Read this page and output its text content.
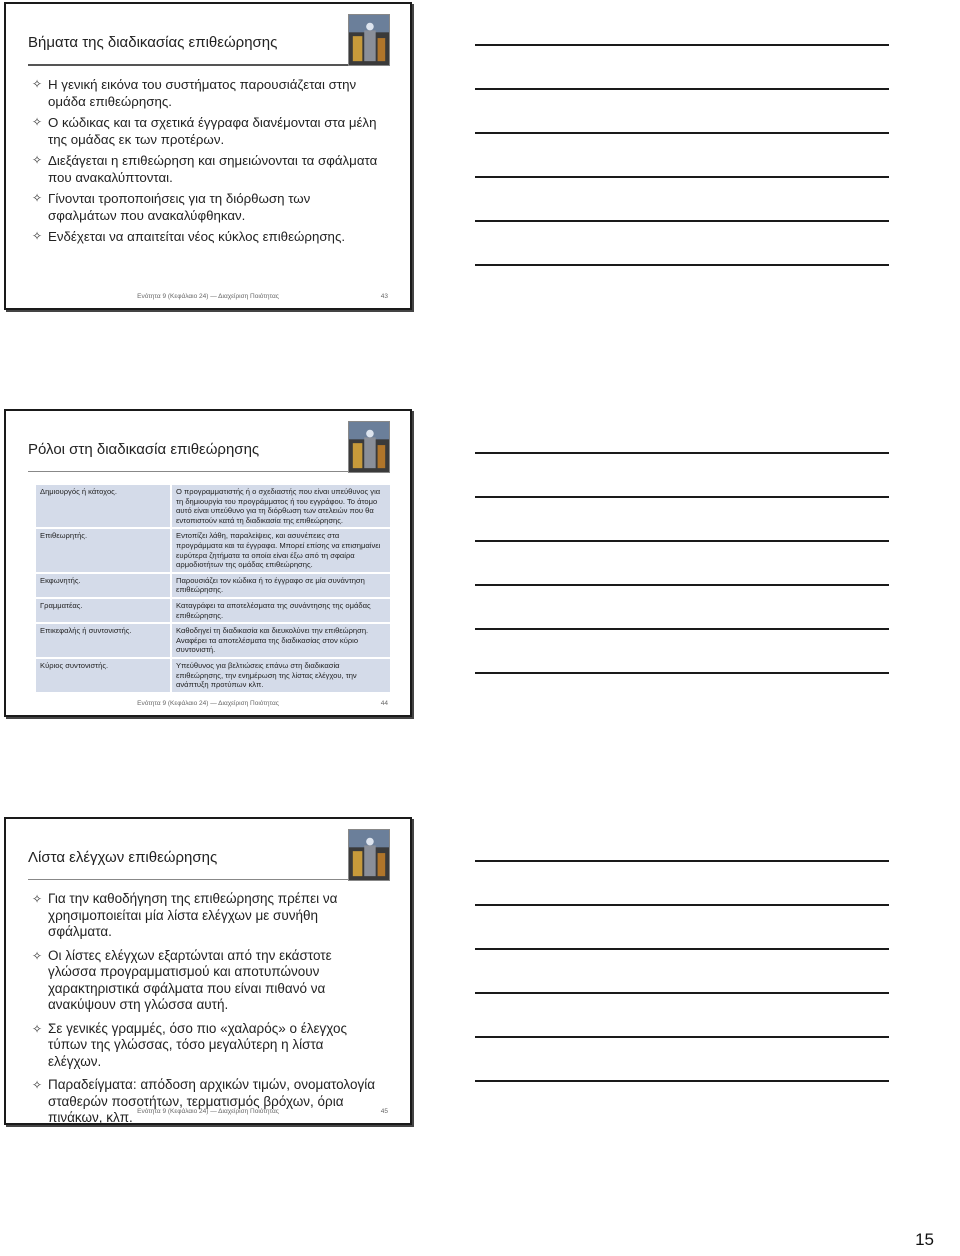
Βήματα της διαδικασίας επιθεώρησης
✧ Η γενική εικόνα του συστήματος παρουσιάζεται στην ομάδα επιθεώρησης.
✧ Ο κώδικας και τα σχετικά έγγραφα διανέμονται στα μέλη της ομάδας εκ των προτέρων.
✧ Διεξάγεται η επιθεώρηση και σημειώνονται τα σφάλματα που ανακαλύπτονται.
✧ Γίνονται τροποποιήσεις για τη διόρθωση των σφαλμάτων που ανακαλύφθηκαν.
✧ Ενδέχεται να απαιτείται νέος κύκλος επιθεώρησης.
Ενότητα 9 (Κεφάλαιο 24) — Διαχείριση Ποιότητας	43
Ρόλοι στη διαδικασία επιθεώρησης
Δημιουργός ή κάτοχος.	Ο προγραμματιστής ή ο σχεδιαστής που είναι υπεύθυνος για τη δημιουργία του προγράμματος ή του εγγράφου. Το άτομο αυτό είναι υπεύθυνο για τη διόρθωση των ατελειών που θα εντοπιστούν κατά τη διαδικασία της επιθεώρησης.
Επιθεωρητής.	Εντοπίζει λάθη, παραλείψεις, και ασυνέπειες στα προγράμματα και τα έγγραφα. Μπορεί επίσης να επισημαίνει ευρύτερα ζητήματα τα οποία είναι έξω από τη σφαίρα αρμοδιοτήτων της ομάδας επιθεώρησης.
Εκφωνητής.	Παρουσιάζει τον κώδικα ή το έγγραφο σε μία συνάντηση επιθεώρησης.
Γραμματέας.	Καταγράφει τα αποτελέσματα της συνάντησης της ομάδας επιθεώρησης.
Επικεφαλής ή συντονιστής.	Καθοδηγεί τη διαδικασία και διευκολύνει την επιθεώρηση. Αναφέρει τα αποτελέσματα της διαδικασίας στον κύριο συντονιστή.
Κύριος συντονιστής.	Υπεύθυνος για βελτιώσεις επάνω στη διαδικασία επιθεώρησης, την ενημέρωση της λίστας ελέγχου, την ανάπτυξη προτύπων κλπ.
Ενότητα 9 (Κεφάλαιο 24) — Διαχείριση Ποιότητας	44
Λίστα ελέγχων επιθεώρησης
✧ Για την καθοδήγηση της επιθεώρησης πρέπει να χρησιμοποιείται μία λίστα ελέγχων με συνήθη σφάλματα.
✧ Οι λίστες ελέγχων εξαρτώνται από την εκάστοτε γλώσσα προγραμματισμού και αποτυπώνουν χαρακτηριστικά σφάλματα που είναι πιθανό να ανακύψουν στη γλώσσα αυτή.
✧ Σε γενικές γραμμές, όσο πιο «χαλαρός» ο έλεγχος τύπων της γλώσσας, τόσο μεγαλύτερη η λίστα ελέγχων.
✧ Παραδείγματα: απόδοση αρχικών τιμών, ονοματολογία σταθερών ποσοτήτων, τερματισμός βρόχων, όρια πινάκων, κλπ. Ενότητα 9 (Κεφάλαιο 24) — Διαχείριση Ποιότητας	45
15
